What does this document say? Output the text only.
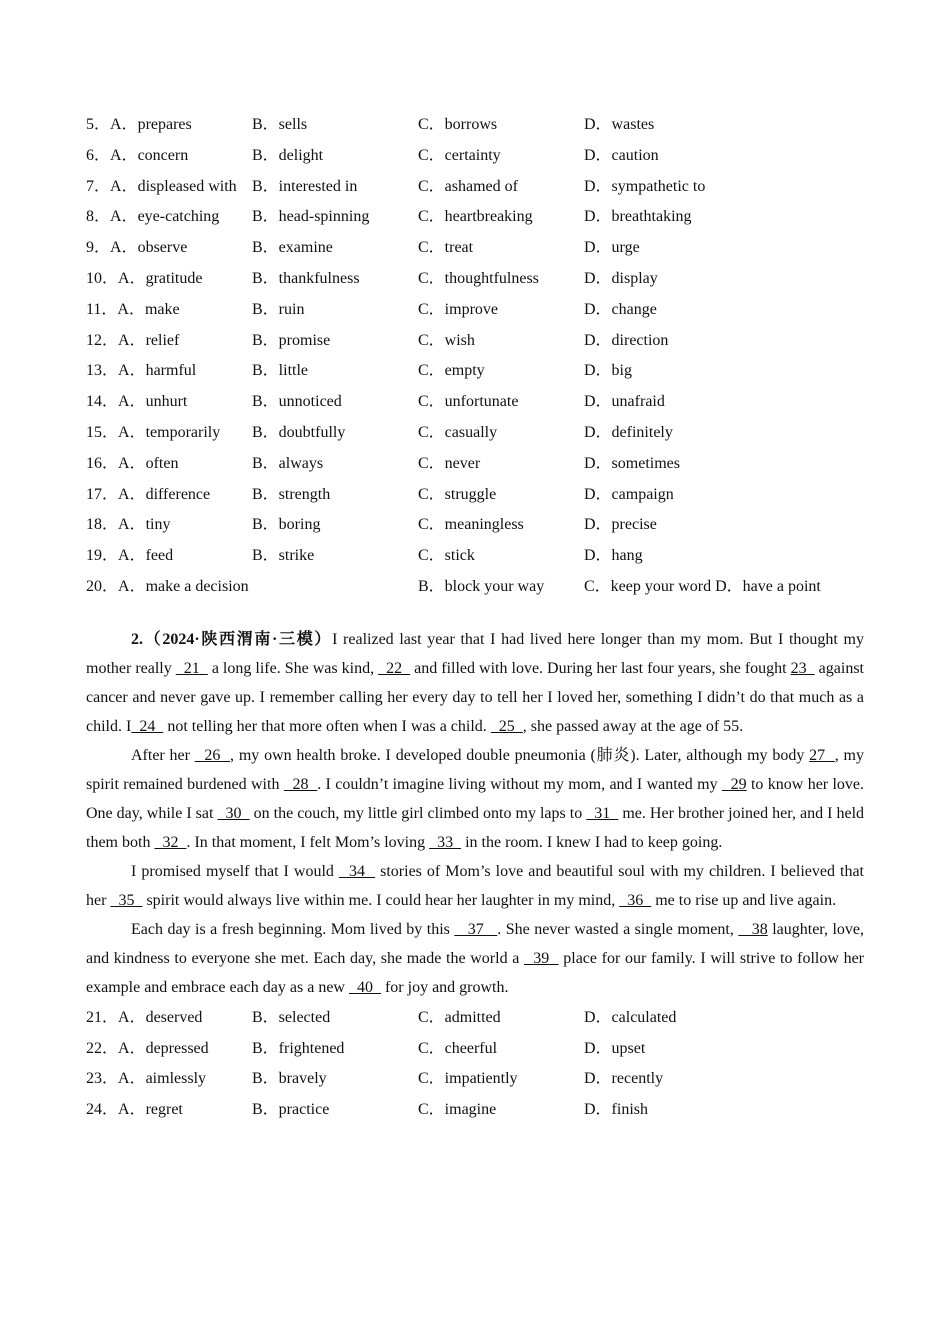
5．A．prepares	B．sells	C．borrows	D．wastes
6．A．concern	B．delight	C．certainty	D．caution
7．A．displeased with B．interested in	C．ashamed of	D．sympathetic to
8．A．eye-catching B．head-spinning	C．heartbreaking	D．breathtaking
9．A．observe	B．examine	C．treat	D．urge
10．A．gratitude	B．thankfulness	C．thoughtfulness	D．display
11．A．make	B．ruin	C．improve	D．change
12．A．relief	B．promise	C．wish	D．direction
13．A．harmful	B．little	C．empty	D．big
14．A．unhurt	B．unnoticed	C．unfortunate	D．unafraid
15．A．temporarily B．doubtfully	C．casually	D．definitely
16．A．often	B．always	C．never	D．sometimes
17．A．difference	B．strength	C．struggle	D．campaign
18．A．tiny	B．boring	C．meaningless	D．precise
19．A．feed	B．strike	C．stick	D．hang
20．A．make a decision	B．block your way C．keep your word D．have a point

2.（2024·陕西渭南·三模）I realized last year that I had lived here longer than my mom. But I thought my mother really   21   a long life. She was kind,   22   and filled with love. During her last four years, she fought 23   against cancer and never gave up. I remember calling her every day to tell her I loved her, something I didn’t do that much as a child. I  24   not telling her that more often when I was a child.   25  , she passed away at the age of 55.

After her   26  , my own health broke. I developed double pneumonia (肺炎). Later, although my body 27  , my spirit remained burdened with   28  . I couldn’t imagine living without my mom, and I wanted my   29 to know her love. One day, while I sat   30   on the couch, my little girl climbed onto my laps to   31   me. Her brother joined her, and I held them both   32  . In that moment, I felt Mom’s loving   33   in the room. I knew I had to keep going.

I promised myself that I would   34   stories of Mom’s love and beautiful soul with my children. I believed that her   35   spirit would always live within me. I could hear her laughter in my mind,   36   me to rise up and live again.

Each day is a fresh beginning. Mom lived by this    37   . She never wasted a single moment,    38 laughter, love, and kindness to everyone she met. Each day, she made the world a   39   place for our family. I will strive to follow her example and embrace each day as a new   40   for joy and growth.

21．A．deserved	B．selected	C．admitted	D．calculated
22．A．depressed	B．frightened	C．cheerful	D．upset
23．A．aimlessly	B．bravely	C．impatiently	D．recently
24．A．regret	B．practice	C．imagine	D．finish
